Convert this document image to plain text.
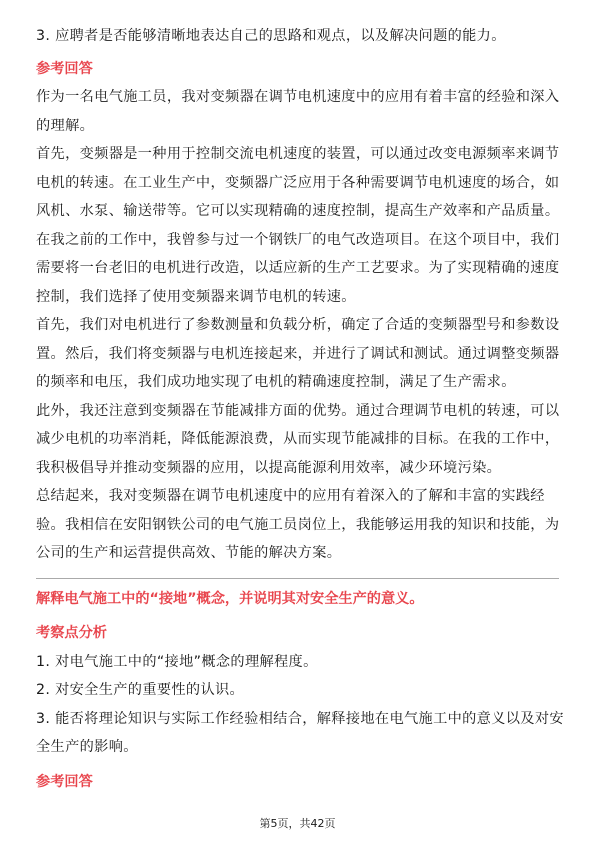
3. 应聘者是否能够清晰地表达自己的思路和观点，以及解决问题的能力。
参考回答
作为一名电气施工员，我对变频器在调节电机速度中的应用有着丰富的经验和深入
的理解。
首先，变频器是一种用于控制交流电机速度的装置，可以通过改变电源频率来调节
电机的转速。在工业生产中，变频器广泛应用于各种需要调节电机速度的场合，如
风机、水泵、输送带等。它可以实现精确的速度控制，提高生产效率和产品质量。
在我之前的工作中，我曾参与过一个钢铁厂的电气改造项目。在这个项目中，我们
需要将一台老旧的电机进行改造，以适应新的生产工艺要求。为了实现精确的速度
控制，我们选择了使用变频器来调节电机的转速。
首先，我们对电机进行了参数测量和负载分析，确定了合适的变频器型号和参数设
置。然后，我们将变频器与电机连接起来，并进行了调试和测试。通过调整变频器
的频率和电压，我们成功地实现了电机的精确速度控制，满足了生产需求。
此外，我还注意到变频器在节能减排方面的优势。通过合理调节电机的转速，可以
减少电机的功率消耗，降低能源浪费，从而实现节能减排的目标。在我的工作中，
我积极倡导并推动变频器的应用，以提高能源利用效率，减少环境污染。
总结起来，我对变频器在调节电机速度中的应用有着深入的了解和丰富的实践经
验。我相信在安阳钢铁公司的电气施工员岗位上，我能够运用我的知识和技能，为
公司的生产和运营提供高效、节能的解决方案。
解释电气施工中的“接地”概念，并说明其对安全生产的意义。
考察点分析
1. 对电气施工中的“接地”概念的理解程度。
2. 对安全生产的重要性的认识。
3. 能否将理论知识与实际工作经验相结合，解释接地在电气施工中的意义以及对安
全生产的影响。
参考回答
第5页，共42页
